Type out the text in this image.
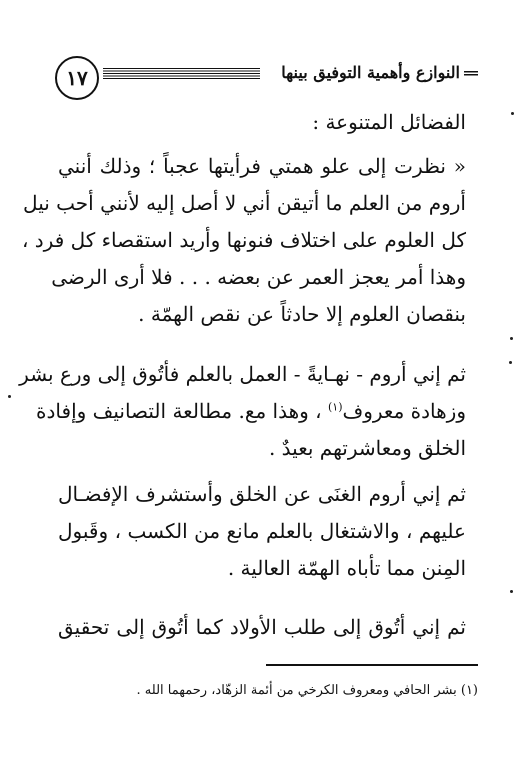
١٧	النوازع وأهمية التوفيق بينها
الفضائل المتنوعة :
« نظرت إلى علو همتي فرأيتها عجباً ؛ وذلك أنني
أروم من العلم ما أتيقن أني لا أصل إليه لأنني أحب نيل
كل العلوم على اختلاف فنونها وأريد استقصاء كل فرد ،
وهذا أمر يعجز العمر عن بعضه . . . فلا أرى الرضى
بنقصان العلوم إلا حادثاً عن نقص الهمّة .
ثم إني أروم - نهـايةً - العمل بالعلم فأتُوق إلى ورع بشر
وزهادة معروف$^{(١)}$ ، وهذا مع. مطالعة التصانيف وإفادة
الخلق ومعاشرتهم بعيدٌ .
ثم إني أروم الغنَى عن الخلق وأستشرف الإفضـال
عليهم ، والاشتغال بالعلم مانع من الكسب ، وقَبول
المِنن مما تأباه الهمّة العالية .
ثم إني أتُوق إلى طلب الأولاد كما أتُوق إلى تحقيق
(١) بشر الحافي ومعروف الكرخي من أئمة الزهّاد، رحمهما الله .
